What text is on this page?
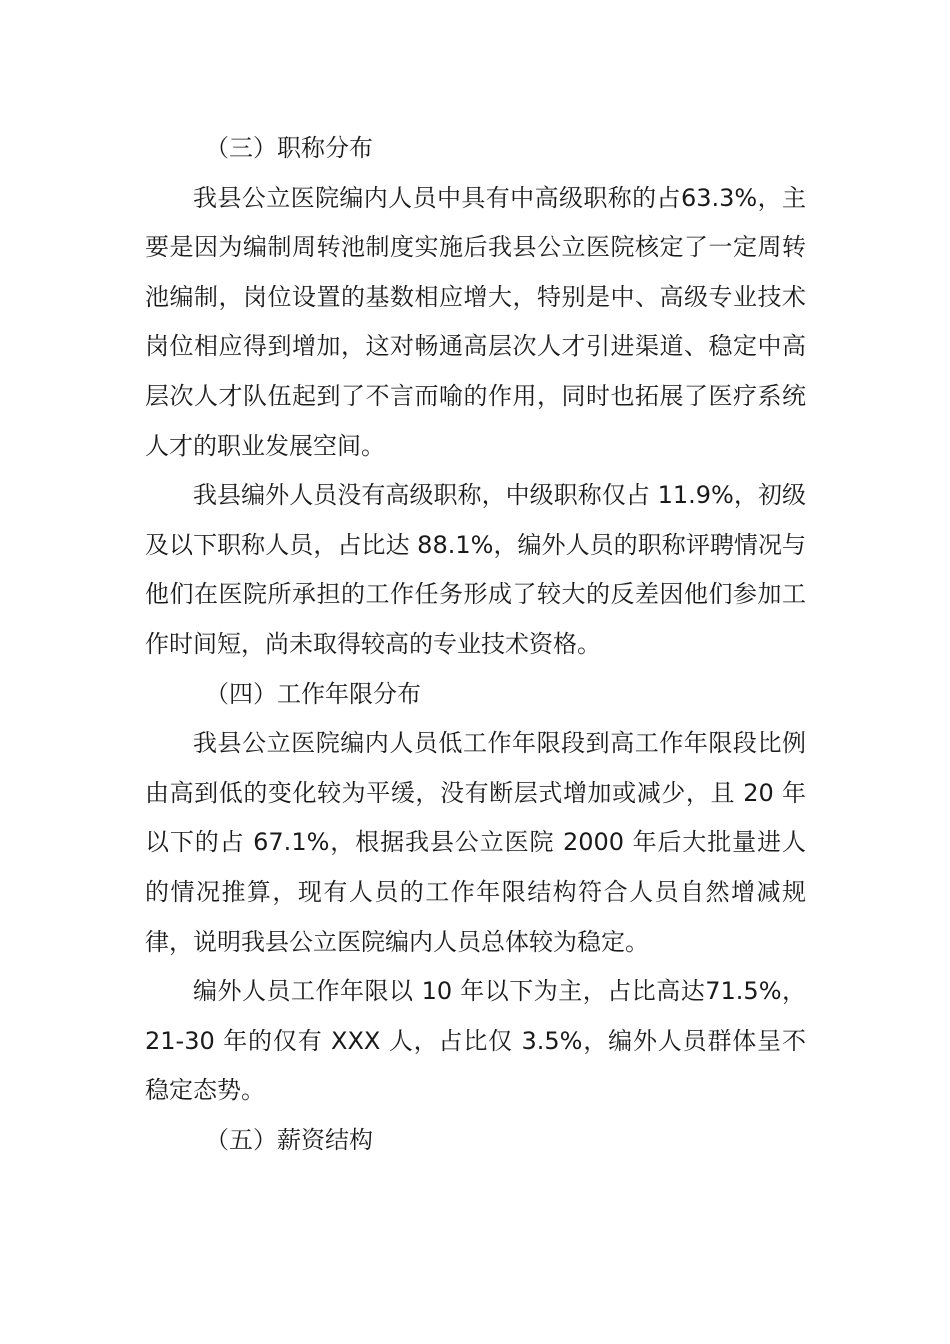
（三）职称分布

我县公立医院编内人员中具有中高级职称的占63.3%，主要是因为编制周转池制度实施后我县公立医院核定了一定周转池编制，岗位设置的基数相应增大，特别是中、高级专业技术岗位相应得到增加，这对畅通高层次人才引进渠道、稳定中高层次人才队伍起到了不言而喻的作用，同时也拓展了医疗系统人才的职业发展空间。

我县编外人员没有高级职称，中级职称仅占 11.9%，初级及以下职称人员，占比达 88.1%，编外人员的职称评聘情况与他们在医院所承担的工作任务形成了较大的反差因他们参加工作时间短，尚未取得较高的专业技术资格。

（四）工作年限分布

我县公立医院编内人员低工作年限段到高工作年限段比例由高到低的变化较为平缓，没有断层式增加或减少，且 20 年以下的占 67.1%，根据我县公立医院 2000 年后大批量进人的情况推算，现有人员的工作年限结构符合人员自然增减规律，说明我县公立医院编内人员总体较为稳定。

编外人员工作年限以 10 年以下为主，占比高达71.5%，21-30 年的仅有 XXX 人，占比仅 3.5%，编外人员群体呈不稳定态势。

（五）薪资结构
